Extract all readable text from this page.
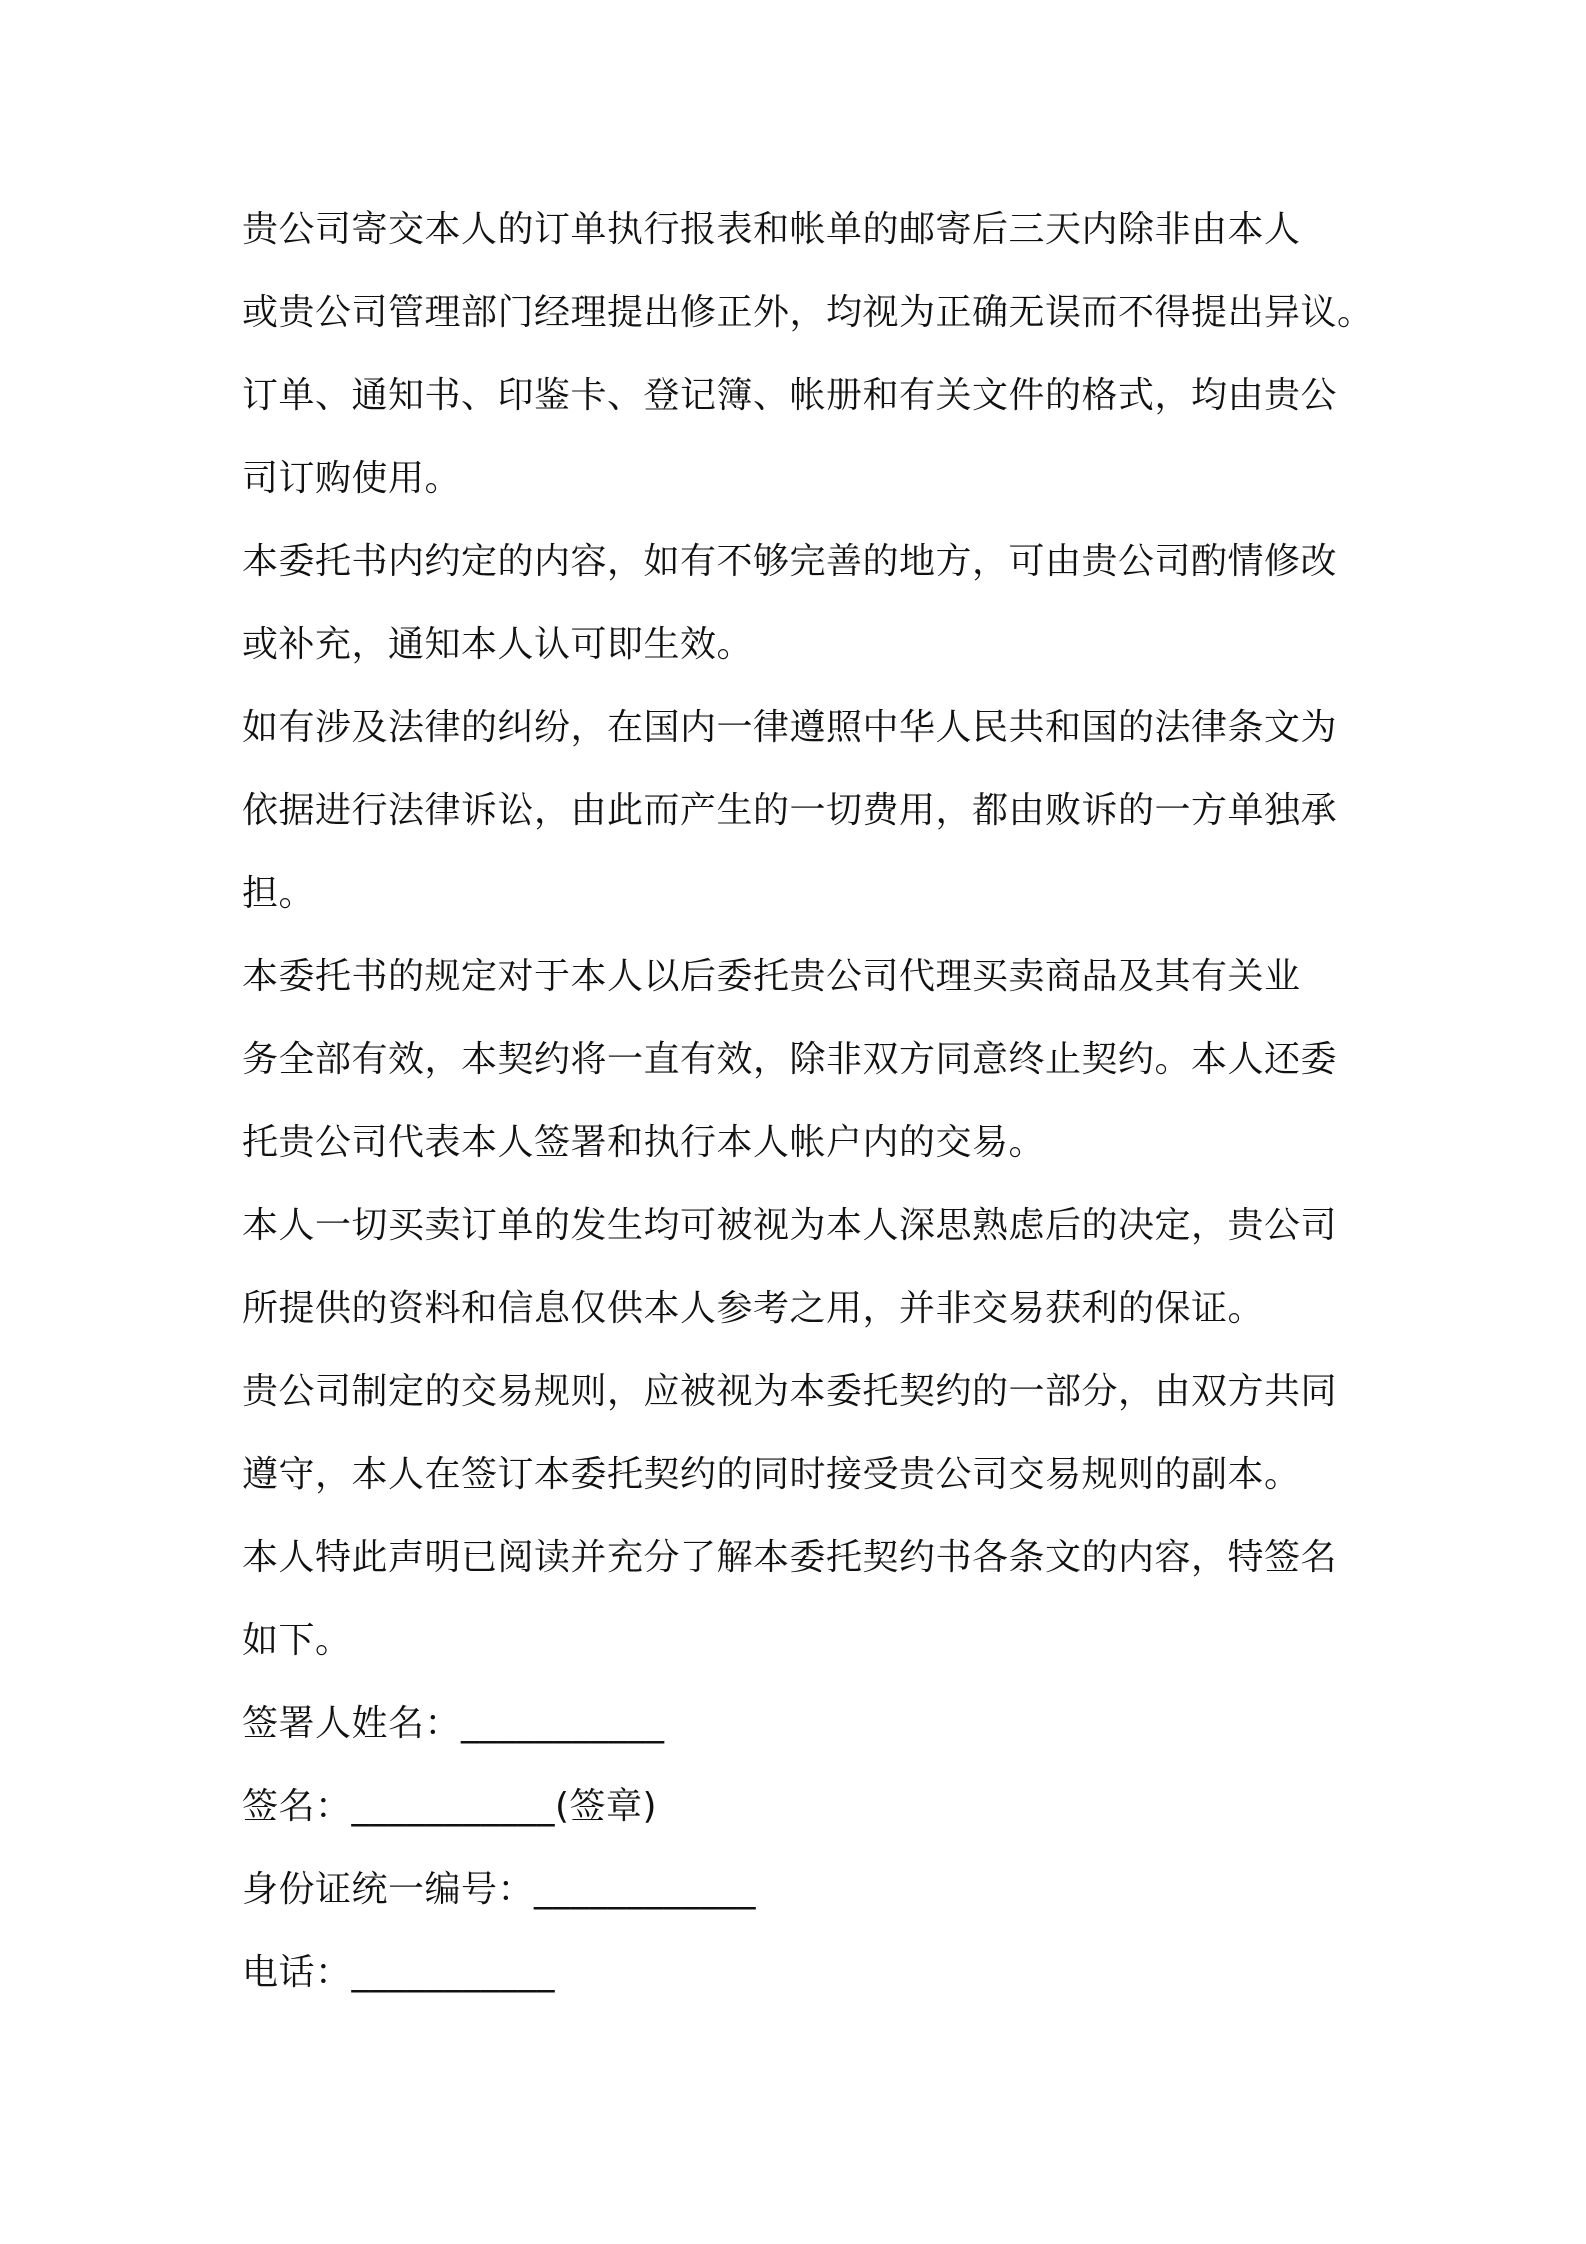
贵公司寄交本人的订单执行报表和帐单的邮寄后三天内除非由本人
或贵公司管理部门经理提出修正外，均视为正确无误而不得提出异议。
订单、通知书、印鉴卡、登记簿、帐册和有关文件的格式，均由贵公
司订购使用。
本委托书内约定的内容，如有不够完善的地方，可由贵公司酌情修改
或补充，通知本人认可即生效。
如有涉及法律的纠纷，在国内一律遵照中华人民共和国的法律条文为
依据进行法律诉讼，由此而产生的一切费用，都由败诉的一方单独承
担。
本委托书的规定对于本人以后委托贵公司代理买卖商品及其有关业
务全部有效，本契约将一直有效，除非双方同意终止契约。本人还委
托贵公司代表本人签署和执行本人帐户内的交易。
本人一切买卖订单的发生均可被视为本人深思熟虑后的决定，贵公司
所提供的资料和信息仅供本人参考之用，并非交易获利的保证。
贵公司制定的交易规则，应被视为本委托契约的一部分，由双方共同
遵守，本人在签订本委托契约的同时接受贵公司交易规则的副本。
本人特此声明已阅读并充分了解本委托契约书各条文的内容，特签名
如下。
签署人姓名：___________
签名：___________(签章)
身份证统一编号：____________
电话：___________
